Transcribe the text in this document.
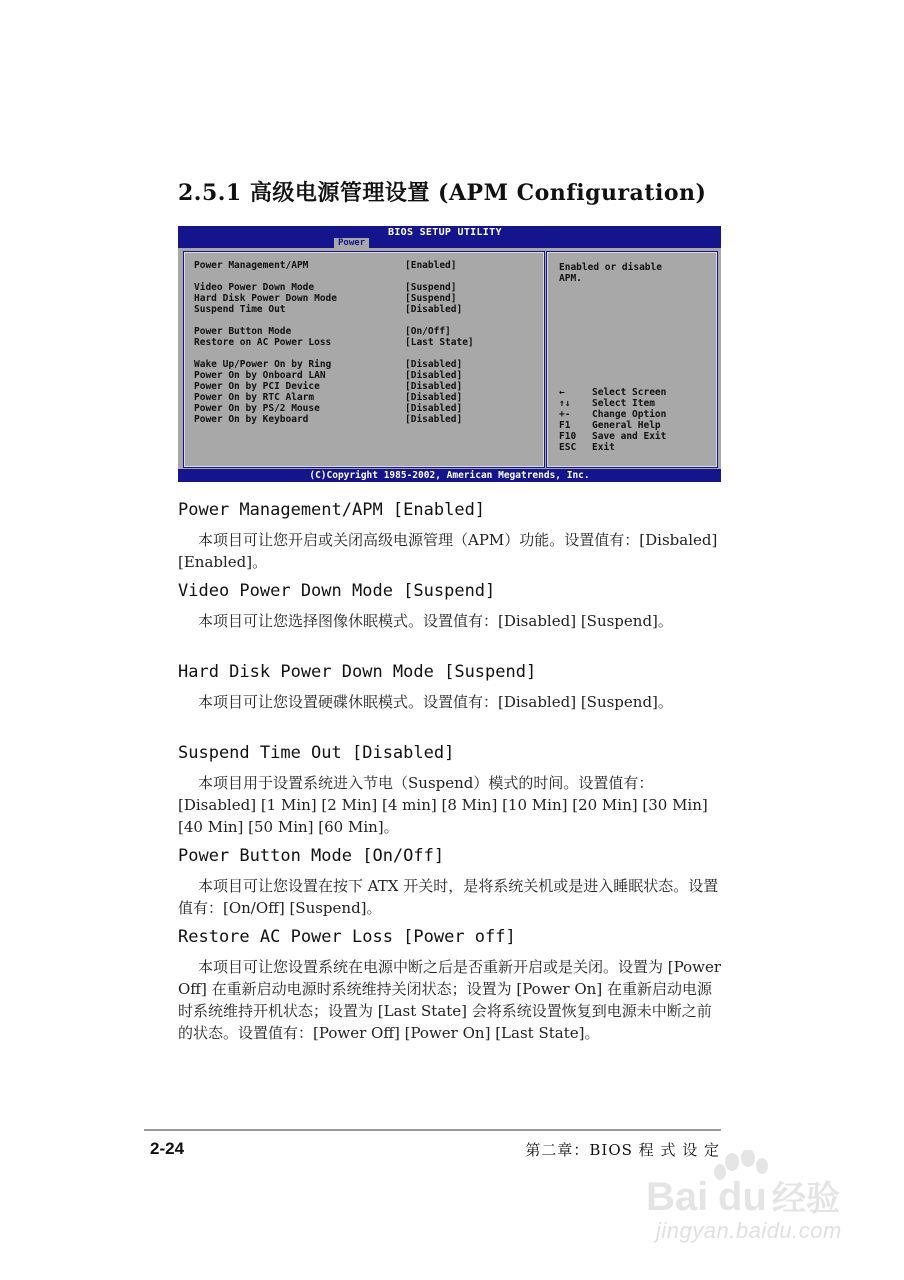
2.5.1 高级电源管理设置 (APM Configuration)
BIOS SETUP UTILITY
Power
Power Management/APM	[Enabled]
Video Power Down Mode	[Suspend]
Hard Disk Power Down Mode	[Suspend]
Suspend Time Out	[Disabled]
Power Button Mode	[On/Off]
Restore on AC Power Loss	[Last State]
Wake Up/Power On by Ring	[Disabled]
Power On by Onboard LAN	[Disabled]
Power On by PCI Device	[Disabled]
Power On by RTC Alarm	[Disabled]
Power On by PS/2 Mouse	[Disabled]
Power On by Keyboard	[Disabled]
Enabled or disable
APM.
←	Select Screen
↑↓ Select Item
+- Change Option
F1 General Help
F10 Save and Exit
ESC Exit
(C)Copyright 1985-2002, American Megatrends, Inc.
Power Management/APM [Enabled]

本项目可让您开启或关闭高级电源管理（APM）功能。设置值有：[Disbaled] [Enabled]。

Video Power Down Mode [Suspend]

本项目可让您选择图像休眠模式。设置值有：[Disabled] [Suspend]。

Hard Disk Power Down Mode [Suspend]

本项目可让您设置硬碟休眠模式。设置值有：[Disabled] [Suspend]。

Suspend Time Out [Disabled]

本项目用于设置系统进入节电（Suspend）模式的时间。设置值有：[Disabled] [1 Min] [2 Min] [4 min] [8 Min] [10 Min] [20 Min] [30 Min] [40 Min] [50 Min] [60 Min]。

Power Button Mode [On/Off]

本项目可让您设置在按下 ATX 开关时，是将系统关机或是进入睡眠状态。设置值有：[On/Off] [Suspend]。

Restore AC Power Loss [Power off]

本项目可让您设置系统在电源中断之后是否重新开启或是关闭。设置为 [Power Off] 在重新启动电源时系统维持关闭状态；设置为 [Power On] 在重新启动电源时系统维持开机状态；设置为 [Last State] 会将系统设置恢复到电源未中断之前的状态。设置值有：[Power Off] [Power On] [Last State]。

2-24	第二章：BIOS 程 式 设 定
Bai du 经验
jingyan.baidu.com
